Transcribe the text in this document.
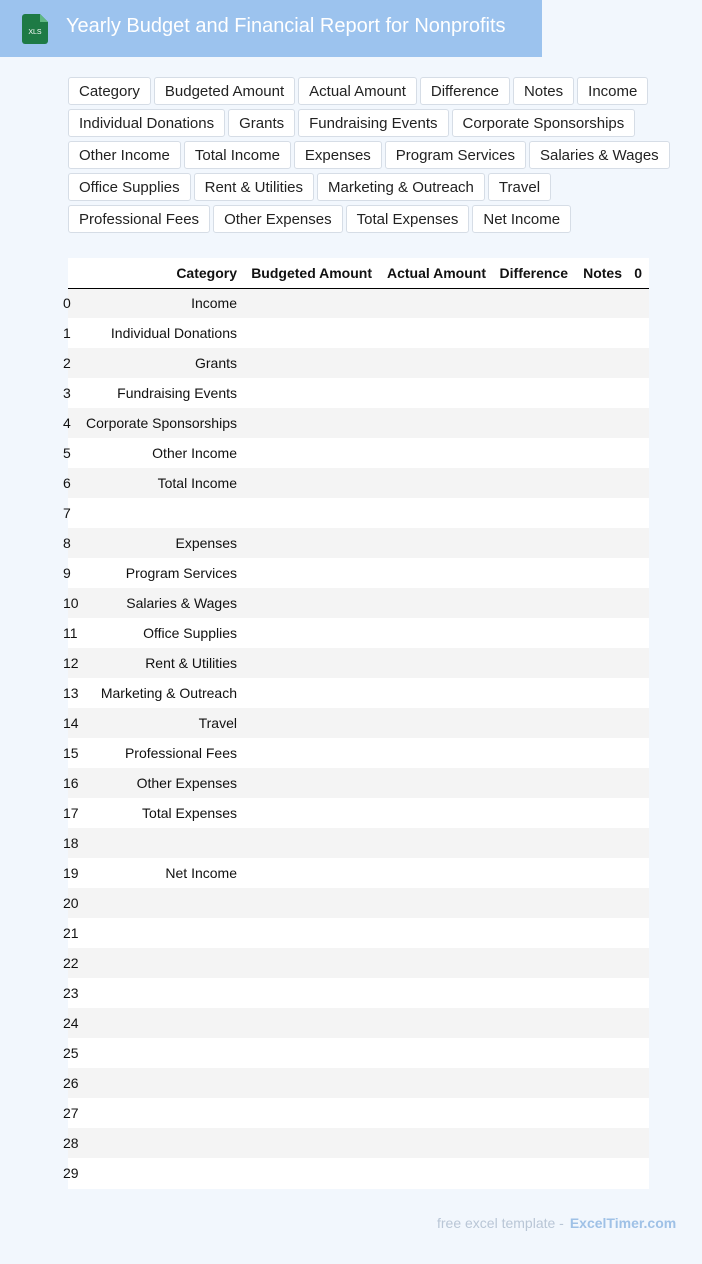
XLS Yearly Budget and Financial Report for Nonprofits
Category	Budgeted Amount	Actual Amount	Difference	Notes	Income
Individual Donations	Grants	Fundraising Events	Corporate Sponsorships
Other Income	Total Income	Expenses	Program Services	Salaries & Wages
Office Supplies	Rent & Utilities	Marketing & Outreach	Travel
Professional Fees	Other Expenses	Total Expenses	Net Income
	Category	Budgeted Amount	Actual Amount	Difference	Notes	0
0	Income					
1	Individual Donations					
2	Grants					
3	Fundraising Events					
4	Corporate Sponsorships					
5	Other Income					
6	Total Income					
7						
8	Expenses					
9	Program Services					
10	Salaries & Wages					
11	Office Supplies					
12	Rent & Utilities					
13	Marketing & Outreach					
14	Travel					
15	Professional Fees					
16	Other Expenses					
17	Total Expenses					
18						
19	Net Income					
20						
21						
22						
23						
24						
25						
26						
27						
28						
29						
free excel template - ExcelTimer.com
